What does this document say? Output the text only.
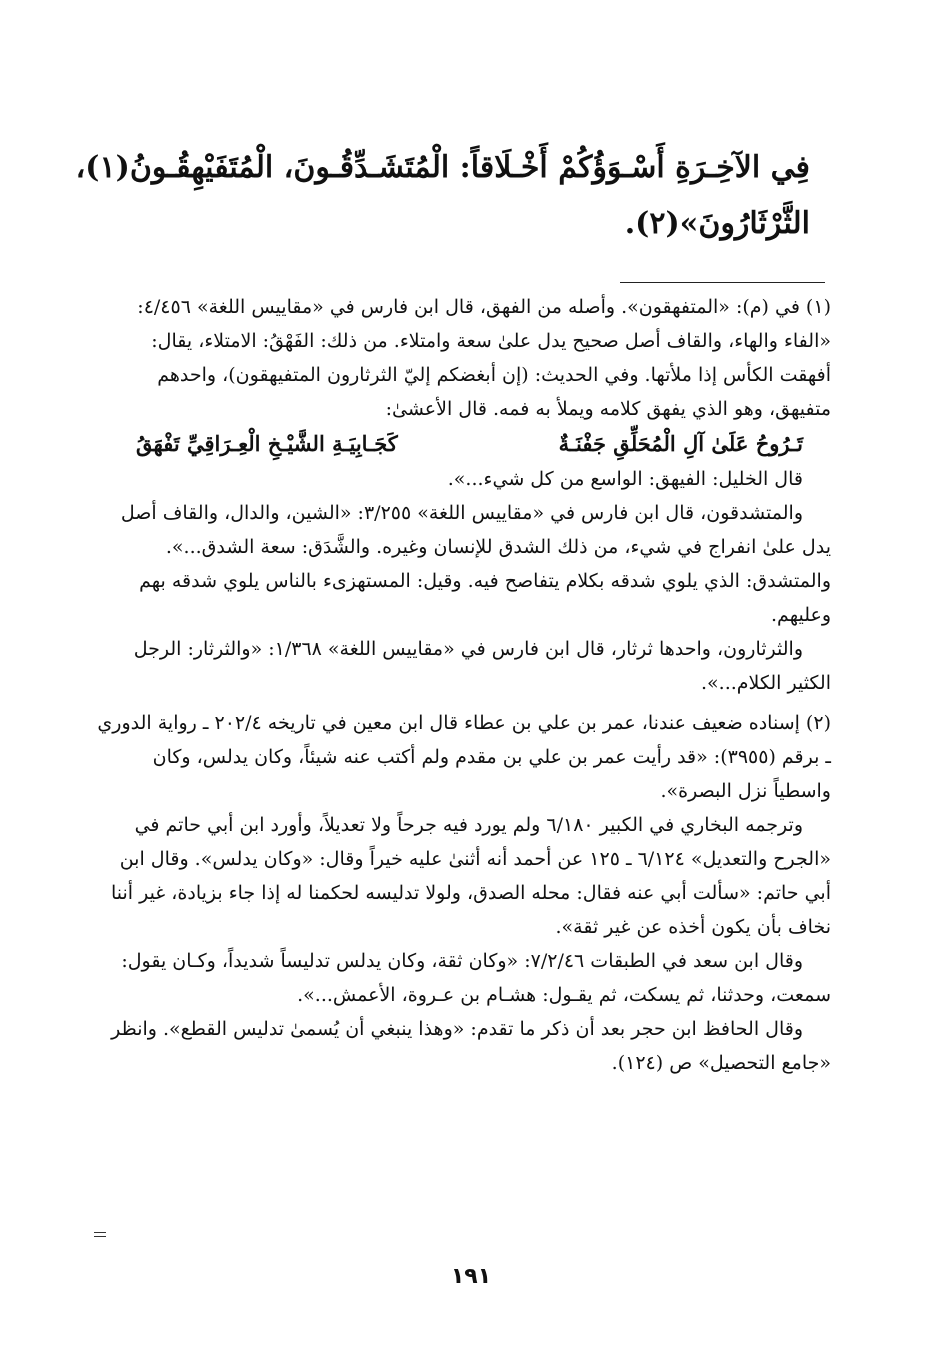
فِي الآخِـرَةِ أَسْـوَؤُكُمْ أَخْـلَاقاً: الْمُتَشَـدِّقُـونَ، الْمُتَفَيْهِقُـونُ(١)،
الثَّرْثَارُونَ»(٢).

(١) في (م): «المتفهقون». وأصله من الفهق، قال ابن فارس في «مقاييس اللغة» ٤/٤٥٦: «الفاء والهاء، والقاف أصل صحيح يدل علىٰ سعة وامتلاء. من ذلك: الفَهْقُ: الامتلاء، يقال: أفهقت الكأس إذا ملأتها. وفي الحديث: (إن أبغضكم إليّ الثرثارون المتفيهقون)، واحدهم متفيهق، وهو الذي يفهق كلامه ويملأ به فمه. قال الأعشىٰ:

تَـرُوحُ عَلَىٰ آلِ الْمُحَلِّقِ جَفْنَـةٌ
كَجَـابِيَـةِ الشَّيْـخِ الْعِـرَاقِيِّ تَفْهَقُ

قال الخليل: الفيهق: الواسع من كل شيء...».

والمتشدقون، قال ابن فارس في «مقاييس اللغة» ٣/٢٥٥: «الشين، والدال، والقاف أصل يدل علىٰ انفراج في شيء، من ذلك الشدق للإنسان وغيره. والشَّدَق: سعة الشدق...». والمتشدق: الذي يلوي شدقه بكلام يتفاصح فيه. وقيل: المستهزىء بالناس يلوي شدقه بهم وعليهم.

والثرثارون، واحدها ثرثار، قال ابن فارس في «مقاييس اللغة» ١/٣٦٨: «والثرثار: الرجل الكثير الكلام...».

(٢) إسناده ضعيف عندنا، عمر بن علي بن عطاء قال ابن معين في تاريخه ٢٠٢/٤ ـ رواية الدوري ـ برقم (٣٩٥٥): «قد رأيت عمر بن علي بن مقدم ولم أكتب عنه شيئاً، وكان يدلس، وكان واسطياً نزل البصرة».

وترجمه البخاري في الكبير ٦/١٨٠ ولم يورد فيه جرحاً ولا تعديلاً، وأورد ابن أبي حاتم في «الجرح والتعديل» ٦/١٢٤ ـ ١٢٥ عن أحمد أنه أثنىٰ عليه خيراً وقال: «وكان يدلس». وقال ابن أبي حاتم: «سألت أبي عنه فقال: محله الصدق، ولولا تدليسه لحكمنا له إذا جاء بزيادة، غير أننا نخاف بأن يكون أخذه عن غير ثقة».

وقال ابن سعد في الطبقات ٧/٢/٤٦: «وكان ثقة، وكان يدلس تدليساً شديداً، وكـان يقول: سمعت، وحدثنا، ثم يسكت، ثم يقـول: هشـام بن عـروة، الأعمش...».

وقال الحافظ ابن حجر بعد أن ذكر ما تقدم: «وهذا ينبغي أن يُسمىٰ تدليس القطع». وانظر «جامع التحصيل» ص (١٢٤).

١٩١
